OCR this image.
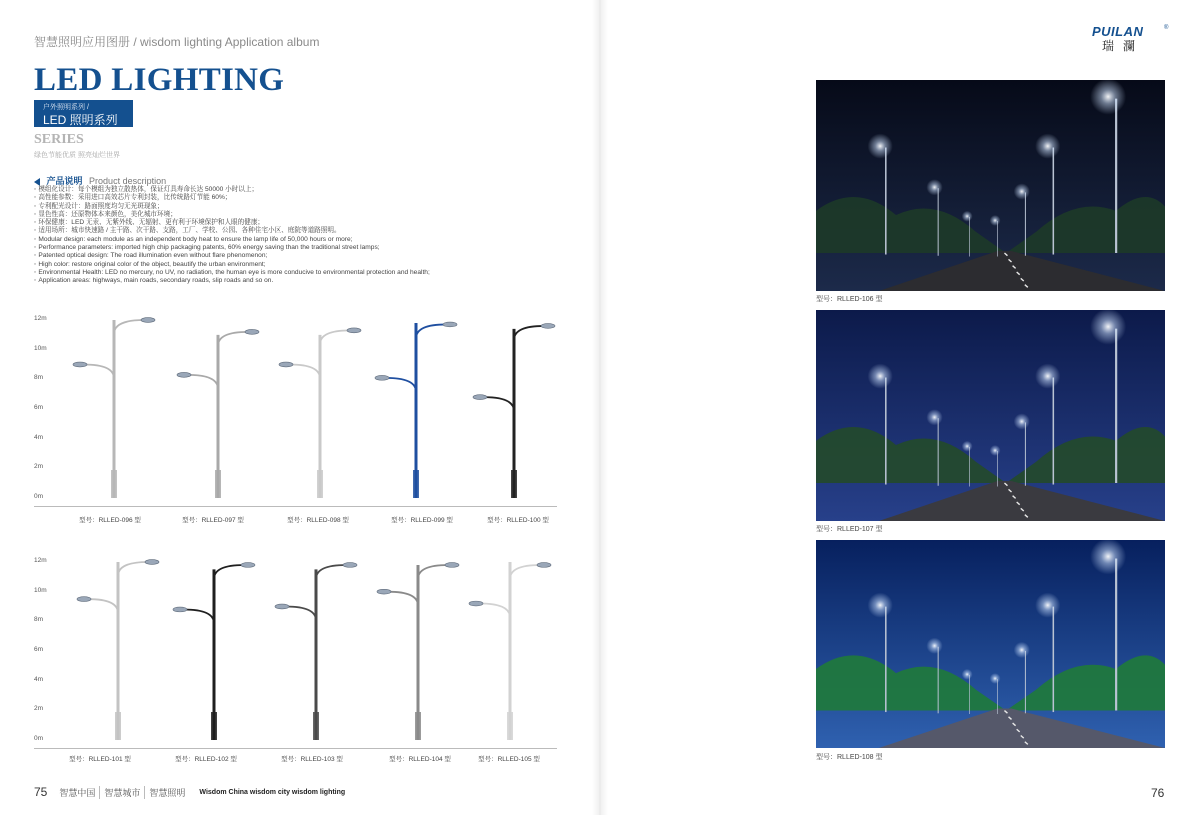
智慧照明应用图册 / wisdom lighting Application album
PUILAN	®
瑞瀾
LED LIGHTING
户外照明系列 /
LED 照明系列
SERIES
绿色节能优质 照亮灿烂世界
产品说明 Product description
◦ 模组化设计：每个模组为独立散热体，保证灯具寿命长达 50000 小时以上；
◦ 高性能参数：采用进口高效芯片专利封装，比传统路灯节能 60%；
◦ 专利配光设计：路面照度均匀无光斑现象；
◦ 显色性高：还原物体本来颜色，美化城市环境；
◦ 环保健康：LED 无汞、无紫外线、无辐射、更有利于环境保护和人眼的健康；
◦ 适用场所：城市快速路 / 主干路、次干路、支路，工厂、学校、公园、各种住宅小区、庭院等道路照明。
◦ Modular design: each module as an independent body heat to ensure the lamp life of 50,000 hours or more;
◦ Performance parameters: imported high chip packaging patents, 60% energy saving than the traditional street lamps;
◦ Patented optical design: The road illumination even without flare phenomenon;
◦ High color: restore original color of the object, beautify the urban environment;
◦ Environmental Health: LED no mercury, no UV, no radiation, the human eye is more conducive to environmental protection and health;
◦ Application areas: highways, main roads, secondary roads, slip roads and so on.
12m
10m
8m
6m
4m
2m
0m
型号：RLLED-096 型	型号：RLLED-097 型	型号：RLLED-098 型	型号：RLLED-099 型	型号：RLLED-100 型
12m
10m
8m
6m
4m
2m
0m
型号：RLLED-101 型	型号：RLLED-102 型	型号：RLLED-103 型	型号：RLLED-104 型	型号：RLLED-105 型
型号：RLLED-106 型
型号：RLLED-107 型
型号：RLLED-108 型
75	智慧中国	智慧城市	智慧照明	Wisdom China wisdom city wisdom lighting	76
